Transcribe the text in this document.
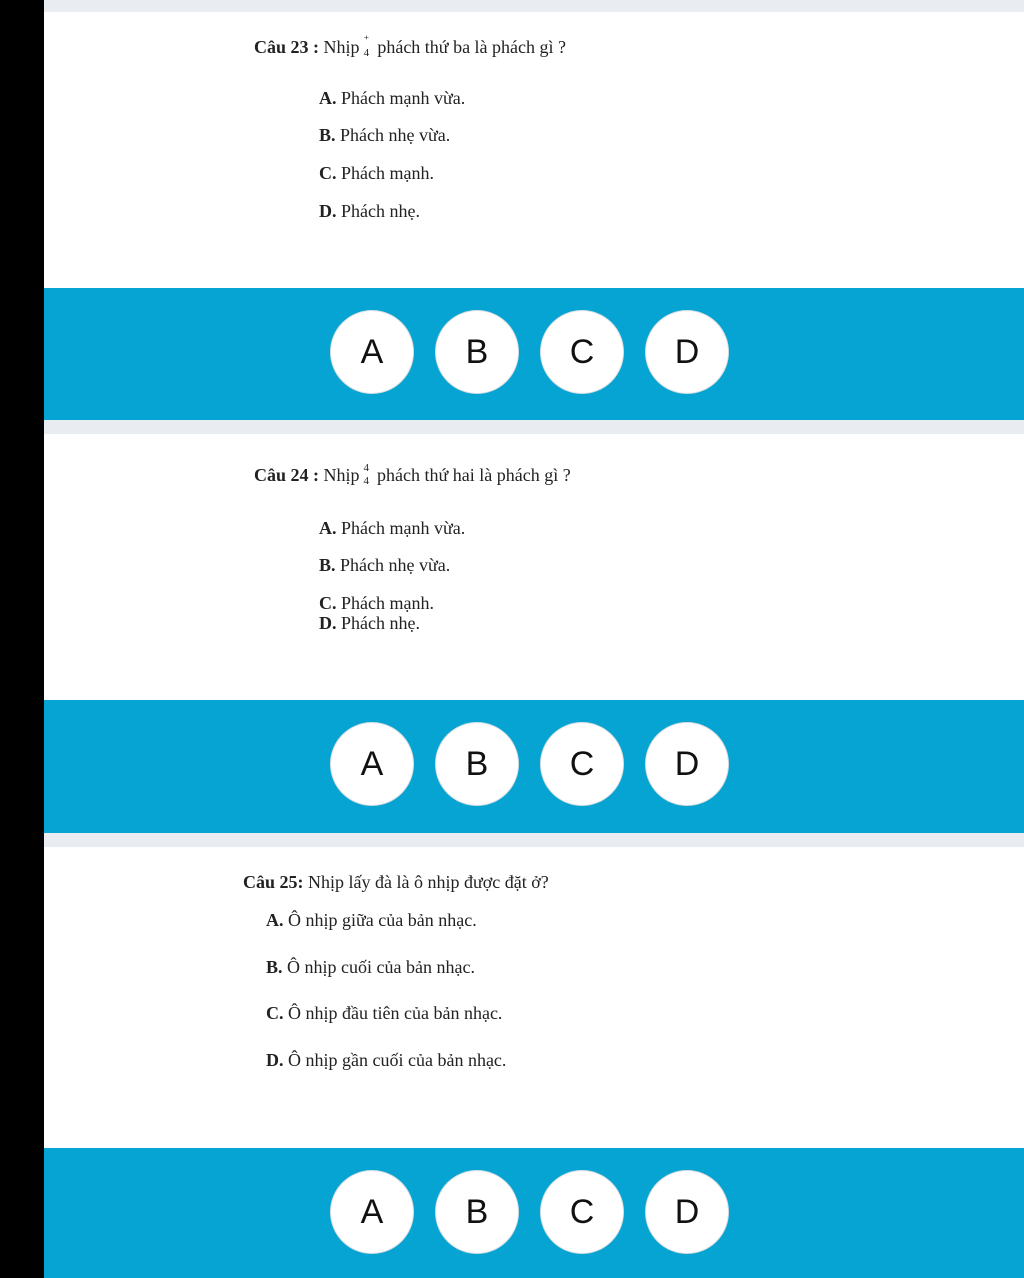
Câu 23 : Nhịp ⁺
4 phách thứ ba là phách gì ?
A. Phách mạnh vừa.
B. Phách nhẹ vừa.
C. Phách mạnh.
D. Phách nhẹ.
A	B	C	D
Câu 24 : Nhịp 4
4 phách thứ hai là phách gì ?
A. Phách mạnh vừa.
B. Phách nhẹ vừa.
C. Phách mạnh.
D. Phách nhẹ.
A	B	C	D
Câu 25: Nhịp lấy đà là ô nhịp được đặt ở?
A. Ô nhịp giữa của bản nhạc.
B. Ô nhịp cuối của bản nhạc.
C. Ô nhịp đầu tiên của bản nhạc.
D. Ô nhịp gần cuối của bản nhạc.
A	B	C	D
